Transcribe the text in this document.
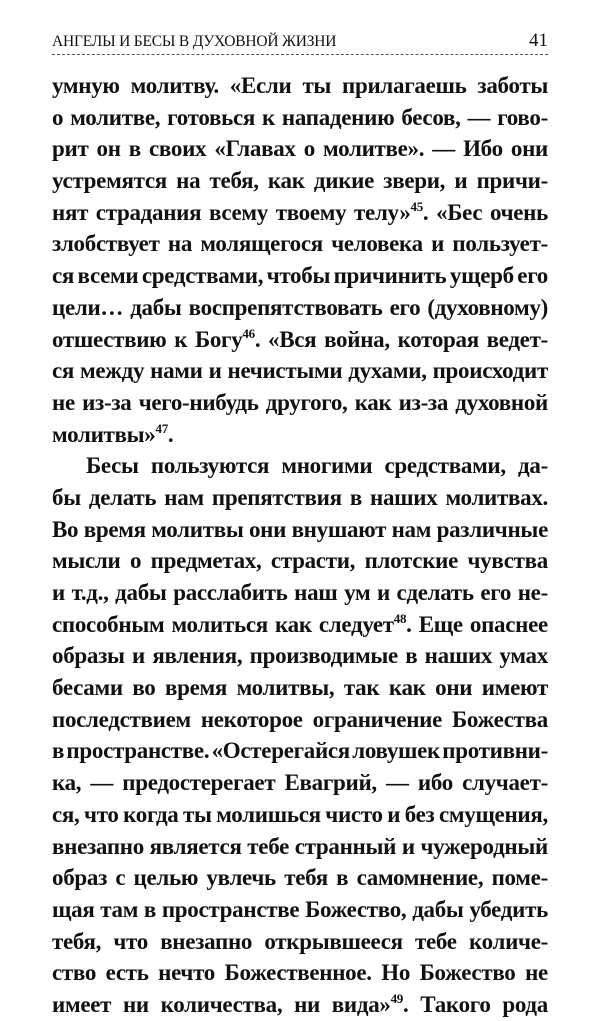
АНГЕЛЫ И БЕСЫ В ДУХОВНОЙ ЖИЗНИ	41
умную молитву. «Если ты прилагаешь заботы
о молитве, готовься к нападению бесов, — гово-
рит он в своих «Главах о молитве». — Ибо они
устремятся на тебя, как дикие звери, и причи-
нят страдания всему твоему телу»$^{45}$. «Бес очень
злобствует на молящегося человека и пользует-
ся всеми средствами, чтобы причинить ущерб его
цели… дабы воспрепятствовать его (духовному)
отшествию к Богу$^{46}$. «Вся война, которая ведет-
ся между нами и нечистыми духами, происходит
не из-за чего-нибудь другого, как из-за духовной
молитвы»$^{47}$.
Бесы пользуются многими средствами, да-
бы делать нам препятствия в наших молитвах.
Во время молитвы они внушают нам различные
мысли о предметах, страсти, плотские чувства
и т.д., дабы расслабить наш ум и сделать его не-
способным молиться как следует$^{48}$. Еще опаснее
образы и явления, производимые в наших умах
бесами во время молитвы, так как они имеют
последствием некоторое ограничение Божества
в пространстве. «Остерегайся ловушек противни-
ка, — предостерегает Евагрий, — ибо случает-
ся, что когда ты молишься чисто и без смущения,
внезапно является тебе странный и чужеродный
образ с целью увлечь тебя в самомнение, поме-
щая там в пространстве Божество, дабы убедить
тебя, что внезапно открывшееся тебе количе-
ство есть нечто Божественное. Но Божество не
имеет ни количества, ни вида»$^{49}$. Такого рода
